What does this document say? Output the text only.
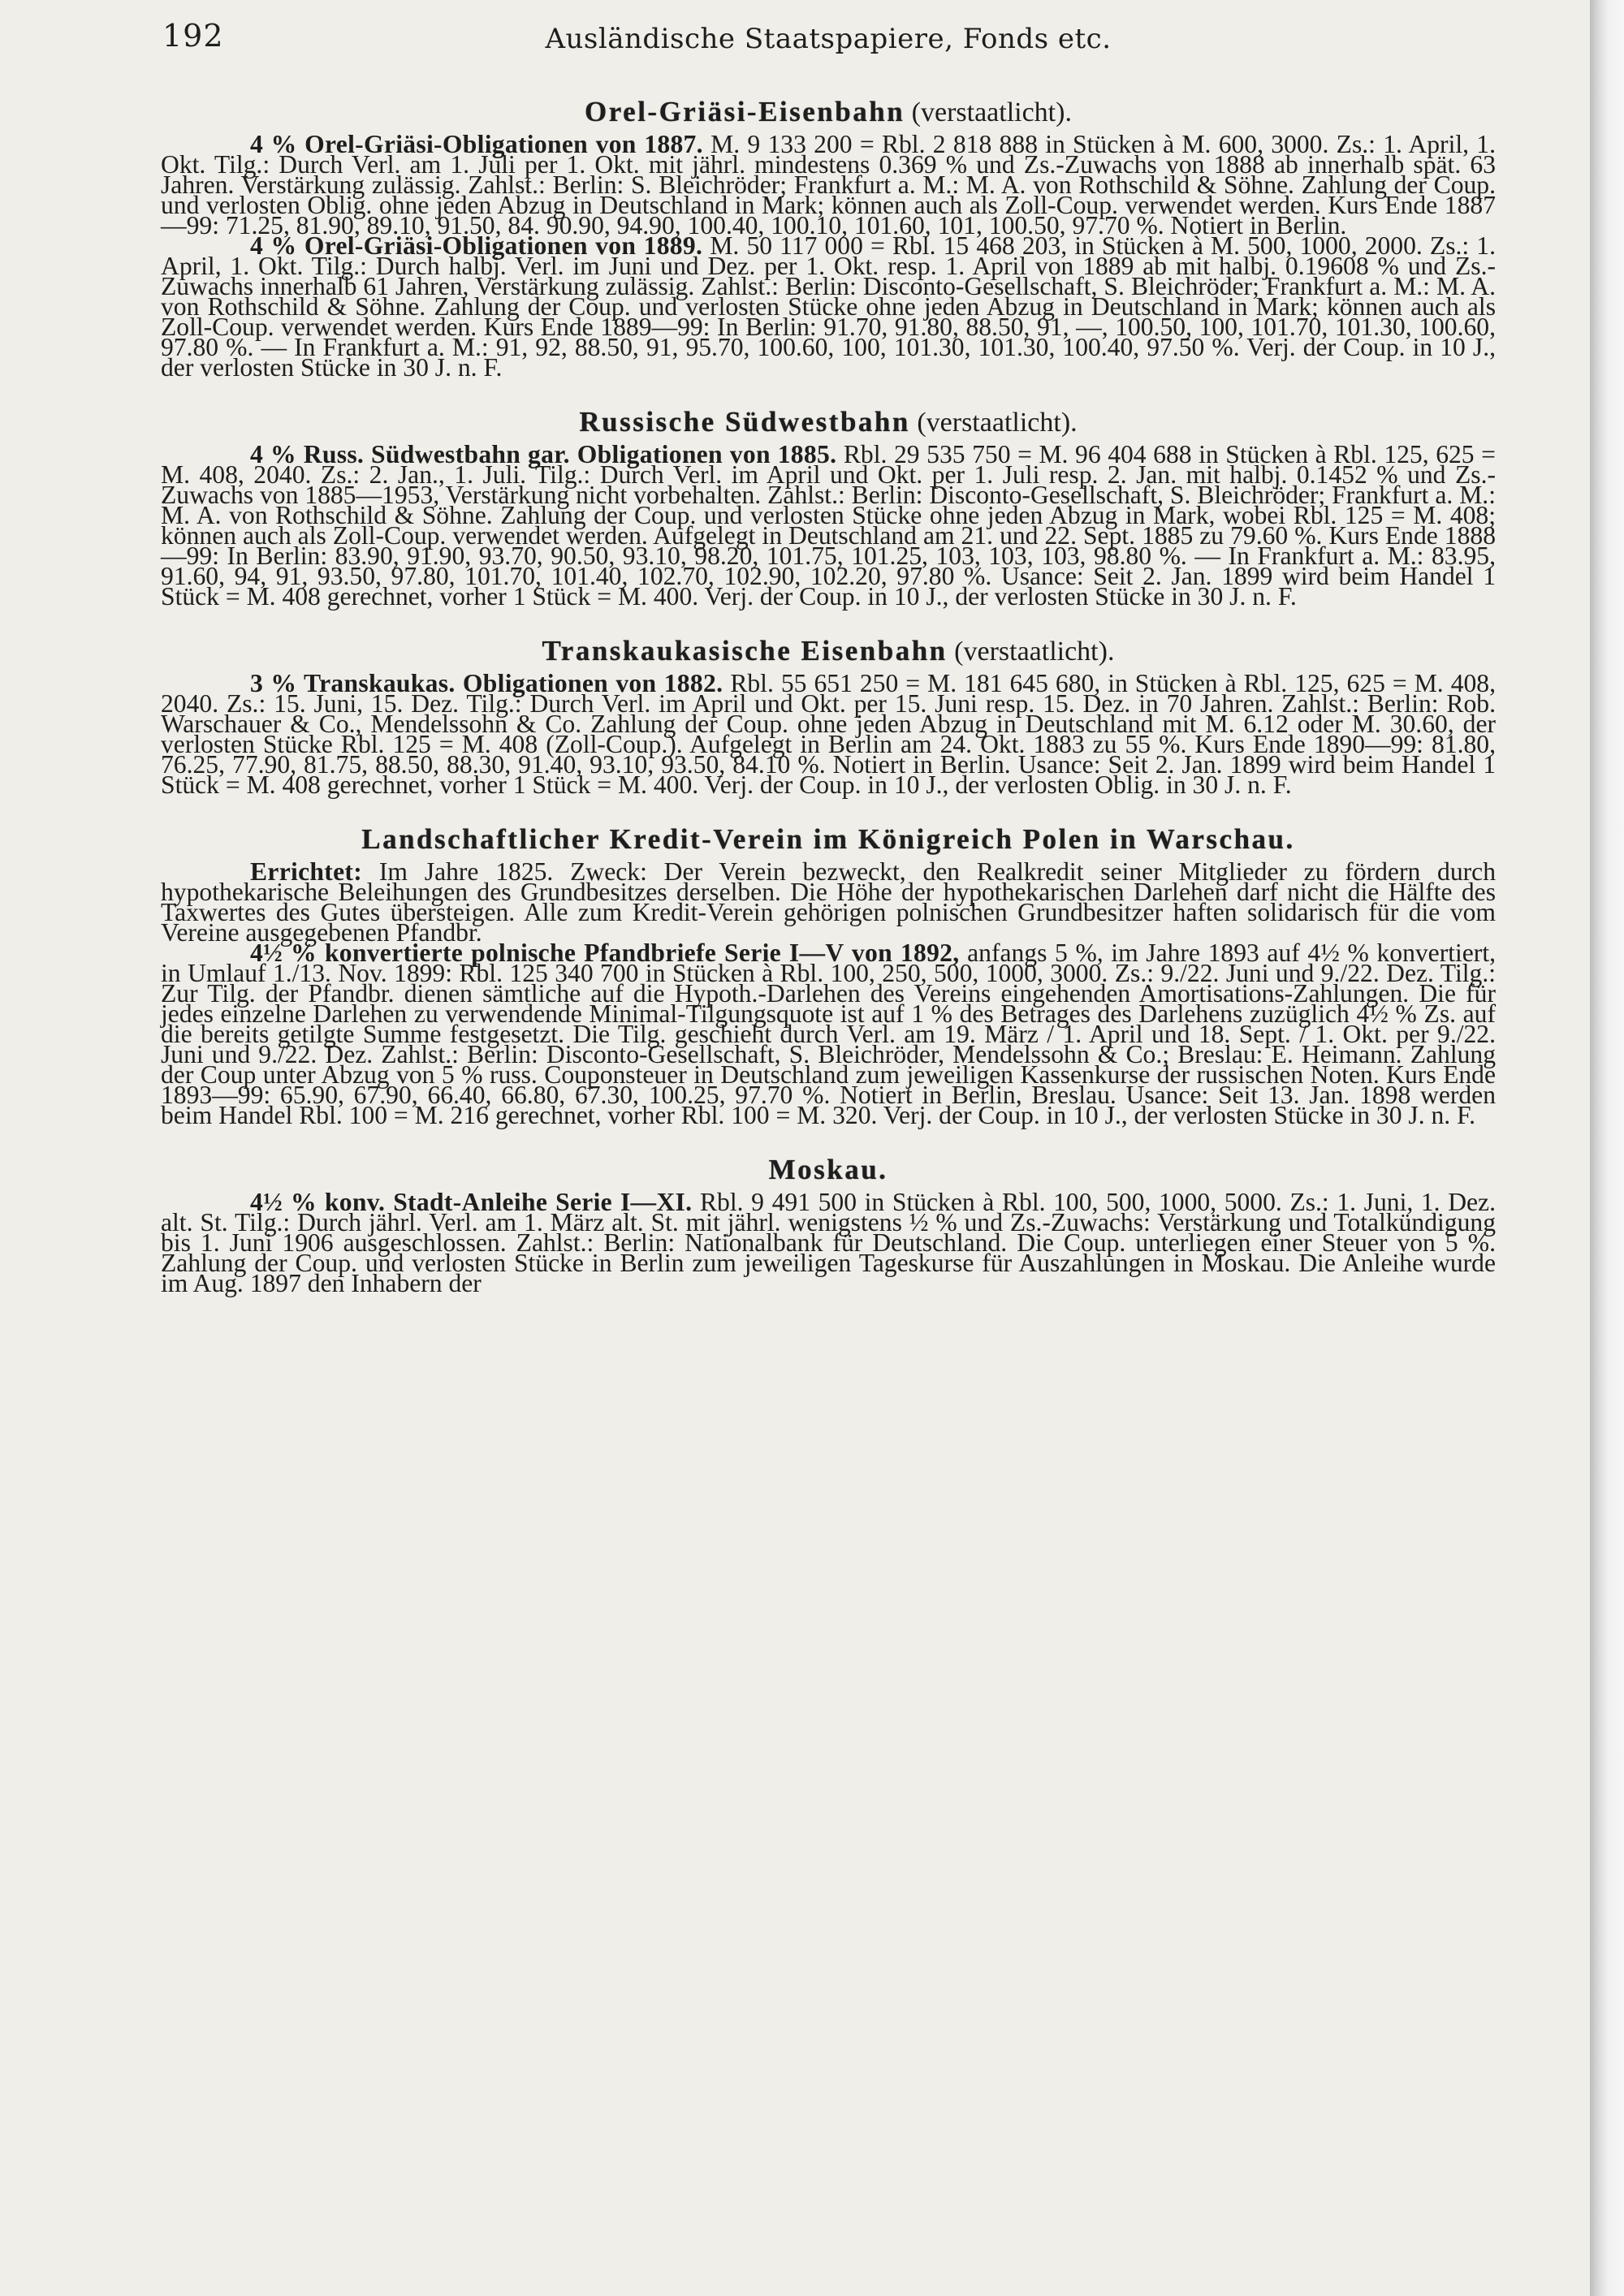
192	Ausländische Staatspapiere, Fonds etc.
Orel-Griäsi-Eisenbahn (verstaatlicht).

4 % Orel-Griäsi-Obligationen von 1887. M. 9 133 200 = Rbl. 2 818 888 in Stücken à M. 600, 3000. Zs.: 1. April, 1. Okt. Tilg.: Durch Verl. am 1. Juli per 1. Okt. mit jährl. mindestens 0.369 % und Zs.-Zuwachs von 1888 ab innerhalb spät. 63 Jahren. Verstärkung zulässig. Zahlst.: Berlin: S. Bleichröder; Frankfurt a. M.: M. A. von Rothschild & Söhne. Zahlung der Coup. und verlosten Oblig. ohne jeden Abzug in Deutschland in Mark; können auch als Zoll-Coup. verwendet werden. Kurs Ende 1887—99: 71.25, 81.90, 89.10, 91.50, 84. 90.90, 94.90, 100.40, 100.10, 101.60, 101, 100.50, 97.70 %. Notiert in Berlin.

4 % Orel-Griäsi-Obligationen von 1889. M. 50 117 000 = Rbl. 15 468 203, in Stücken à M. 500, 1000, 2000. Zs.: 1. April, 1. Okt. Tilg.: Durch halbj. Verl. im Juni und Dez. per 1. Okt. resp. 1. April von 1889 ab mit halbj. 0.19608 % und Zs.-Zuwachs innerhalb 61 Jahren, Verstärkung zulässig. Zahlst.: Berlin: Disconto-Gesellschaft, S. Bleichröder; Frankfurt a. M.: M. A. von Rothschild & Söhne. Zahlung der Coup. und verlosten Stücke ohne jeden Abzug in Deutschland in Mark; können auch als Zoll-Coup. verwendet werden. Kurs Ende 1889—99: In Berlin: 91.70, 91.80, 88.50, 91, —, 100.50, 100, 101.70, 101.30, 100.60, 97.80 %. — In Frankfurt a. M.: 91, 92, 88.50, 91, 95.70, 100.60, 100, 101.30, 101.30, 100.40, 97.50 %. Verj. der Coup. in 10 J., der verlosten Stücke in 30 J. n. F.

Russische Südwestbahn (verstaatlicht).

4 % Russ. Südwestbahn gar. Obligationen von 1885. Rbl. 29 535 750 = M. 96 404 688 in Stücken à Rbl. 125, 625 = M. 408, 2040. Zs.: 2. Jan., 1. Juli. Tilg.: Durch Verl. im April und Okt. per 1. Juli resp. 2. Jan. mit halbj. 0.1452 % und Zs.-Zuwachs von 1885—1953, Verstärkung nicht vorbehalten. Zahlst.: Berlin: Disconto-Gesellschaft, S. Bleichröder; Frankfurt a. M.: M. A. von Rothschild & Söhne. Zahlung der Coup. und verlosten Stücke ohne jeden Abzug in Mark, wobei Rbl. 125 = M. 408; können auch als Zoll-Coup. verwendet werden. Aufgelegt in Deutschland am 21. und 22. Sept. 1885 zu 79.60 %. Kurs Ende 1888—99: In Berlin: 83.90, 91.90, 93.70, 90.50, 93.10, 98.20, 101.75, 101.25, 103, 103, 103, 98.80 %. — In Frankfurt a. M.: 83.95, 91.60, 94, 91, 93.50, 97.80, 101.70, 101.40, 102.70, 102.90, 102.20, 97.80 %. Usance: Seit 2. Jan. 1899 wird beim Handel 1 Stück = M. 408 gerechnet, vorher 1 Stück = M. 400. Verj. der Coup. in 10 J., der verlosten Stücke in 30 J. n. F.

Transkaukasische Eisenbahn (verstaatlicht).

3 % Transkaukas. Obligationen von 1882. Rbl. 55 651 250 = M. 181 645 680, in Stücken à Rbl. 125, 625 = M. 408, 2040. Zs.: 15. Juni, 15. Dez. Tilg.: Durch Verl. im April und Okt. per 15. Juni resp. 15. Dez. in 70 Jahren. Zahlst.: Berlin: Rob. Warschauer & Co., Mendelssohn & Co. Zahlung der Coup. ohne jeden Abzug in Deutschland mit M. 6.12 oder M. 30.60, der verlosten Stücke Rbl. 125 = M. 408 (Zoll-Coup.). Aufgelegt in Berlin am 24. Okt. 1883 zu 55 %. Kurs Ende 1890—99: 81.80, 76.25, 77.90, 81.75, 88.50, 88.30, 91.40, 93.10, 93.50, 84.10 %. Notiert in Berlin. Usance: Seit 2. Jan. 1899 wird beim Handel 1 Stück = M. 408 gerechnet, vorher 1 Stück = M. 400. Verj. der Coup. in 10 J., der verlosten Oblig. in 30 J. n. F.

Landschaftlicher Kredit-Verein im Königreich Polen in Warschau.

Errichtet: Im Jahre 1825. Zweck: Der Verein bezweckt, den Realkredit seiner Mitglieder zu fördern durch hypothekarische Beleihungen des Grundbesitzes derselben. Die Höhe der hypothekarischen Darlehen darf nicht die Hälfte des Taxwertes des Gutes übersteigen. Alle zum Kredit-Verein gehörigen polnischen Grundbesitzer haften solidarisch für die vom Vereine ausgegebenen Pfandbr.

4½ % konvertierte polnische Pfandbriefe Serie I—V von 1892, anfangs 5 %, im Jahre 1893 auf 4½ % konvertiert, in Umlauf 1./13. Nov. 1899: Rbl. 125 340 700 in Stücken à Rbl. 100, 250, 500, 1000, 3000. Zs.: 9./22. Juni und 9./22. Dez. Tilg.: Zur Tilg. der Pfandbr. dienen sämtliche auf die Hypoth.-Darlehen des Vereins eingehenden Amortisations-Zahlungen. Die für jedes einzelne Darlehen zu verwendende Minimal-Tilgungsquote ist auf 1 % des Betrages des Darlehens zuzüglich 4½ % Zs. auf die bereits getilgte Summe festgesetzt. Die Tilg. geschieht durch Verl. am 19. März / 1. April und 18. Sept. / 1. Okt. per 9./22. Juni und 9./22. Dez. Zahlst.: Berlin: Disconto-Gesellschaft, S. Bleichröder, Mendelssohn & Co.; Breslau: E. Heimann. Zahlung der Coup unter Abzug von 5 % russ. Couponsteuer in Deutschland zum jeweiligen Kassenkurse der russischen Noten. Kurs Ende 1893—99: 65.90, 67.90, 66.40, 66.80, 67.30, 100.25, 97.70 %. Notiert in Berlin, Breslau. Usance: Seit 13. Jan. 1898 werden beim Handel Rbl. 100 = M. 216 gerechnet, vorher Rbl. 100 = M. 320. Verj. der Coup. in 10 J., der verlosten Stücke in 30 J. n. F.

Moskau.

4½ % konv. Stadt-Anleihe Serie I—XI. Rbl. 9 491 500 in Stücken à Rbl. 100, 500, 1000, 5000. Zs.: 1. Juni, 1. Dez. alt. St. Tilg.: Durch jährl. Verl. am 1. März alt. St. mit jährl. wenigstens ½ % und Zs.-Zuwachs: Verstärkung und Totalkündigung bis 1. Juni 1906 ausgeschlossen. Zahlst.: Berlin: Nationalbank für Deutschland. Die Coup. unterliegen einer Steuer von 5 %. Zahlung der Coup. und verlosten Stücke in Berlin zum jeweiligen Tageskurse für Auszahlungen in Moskau. Die Anleihe wurde im Aug. 1897 den Inhabern der
